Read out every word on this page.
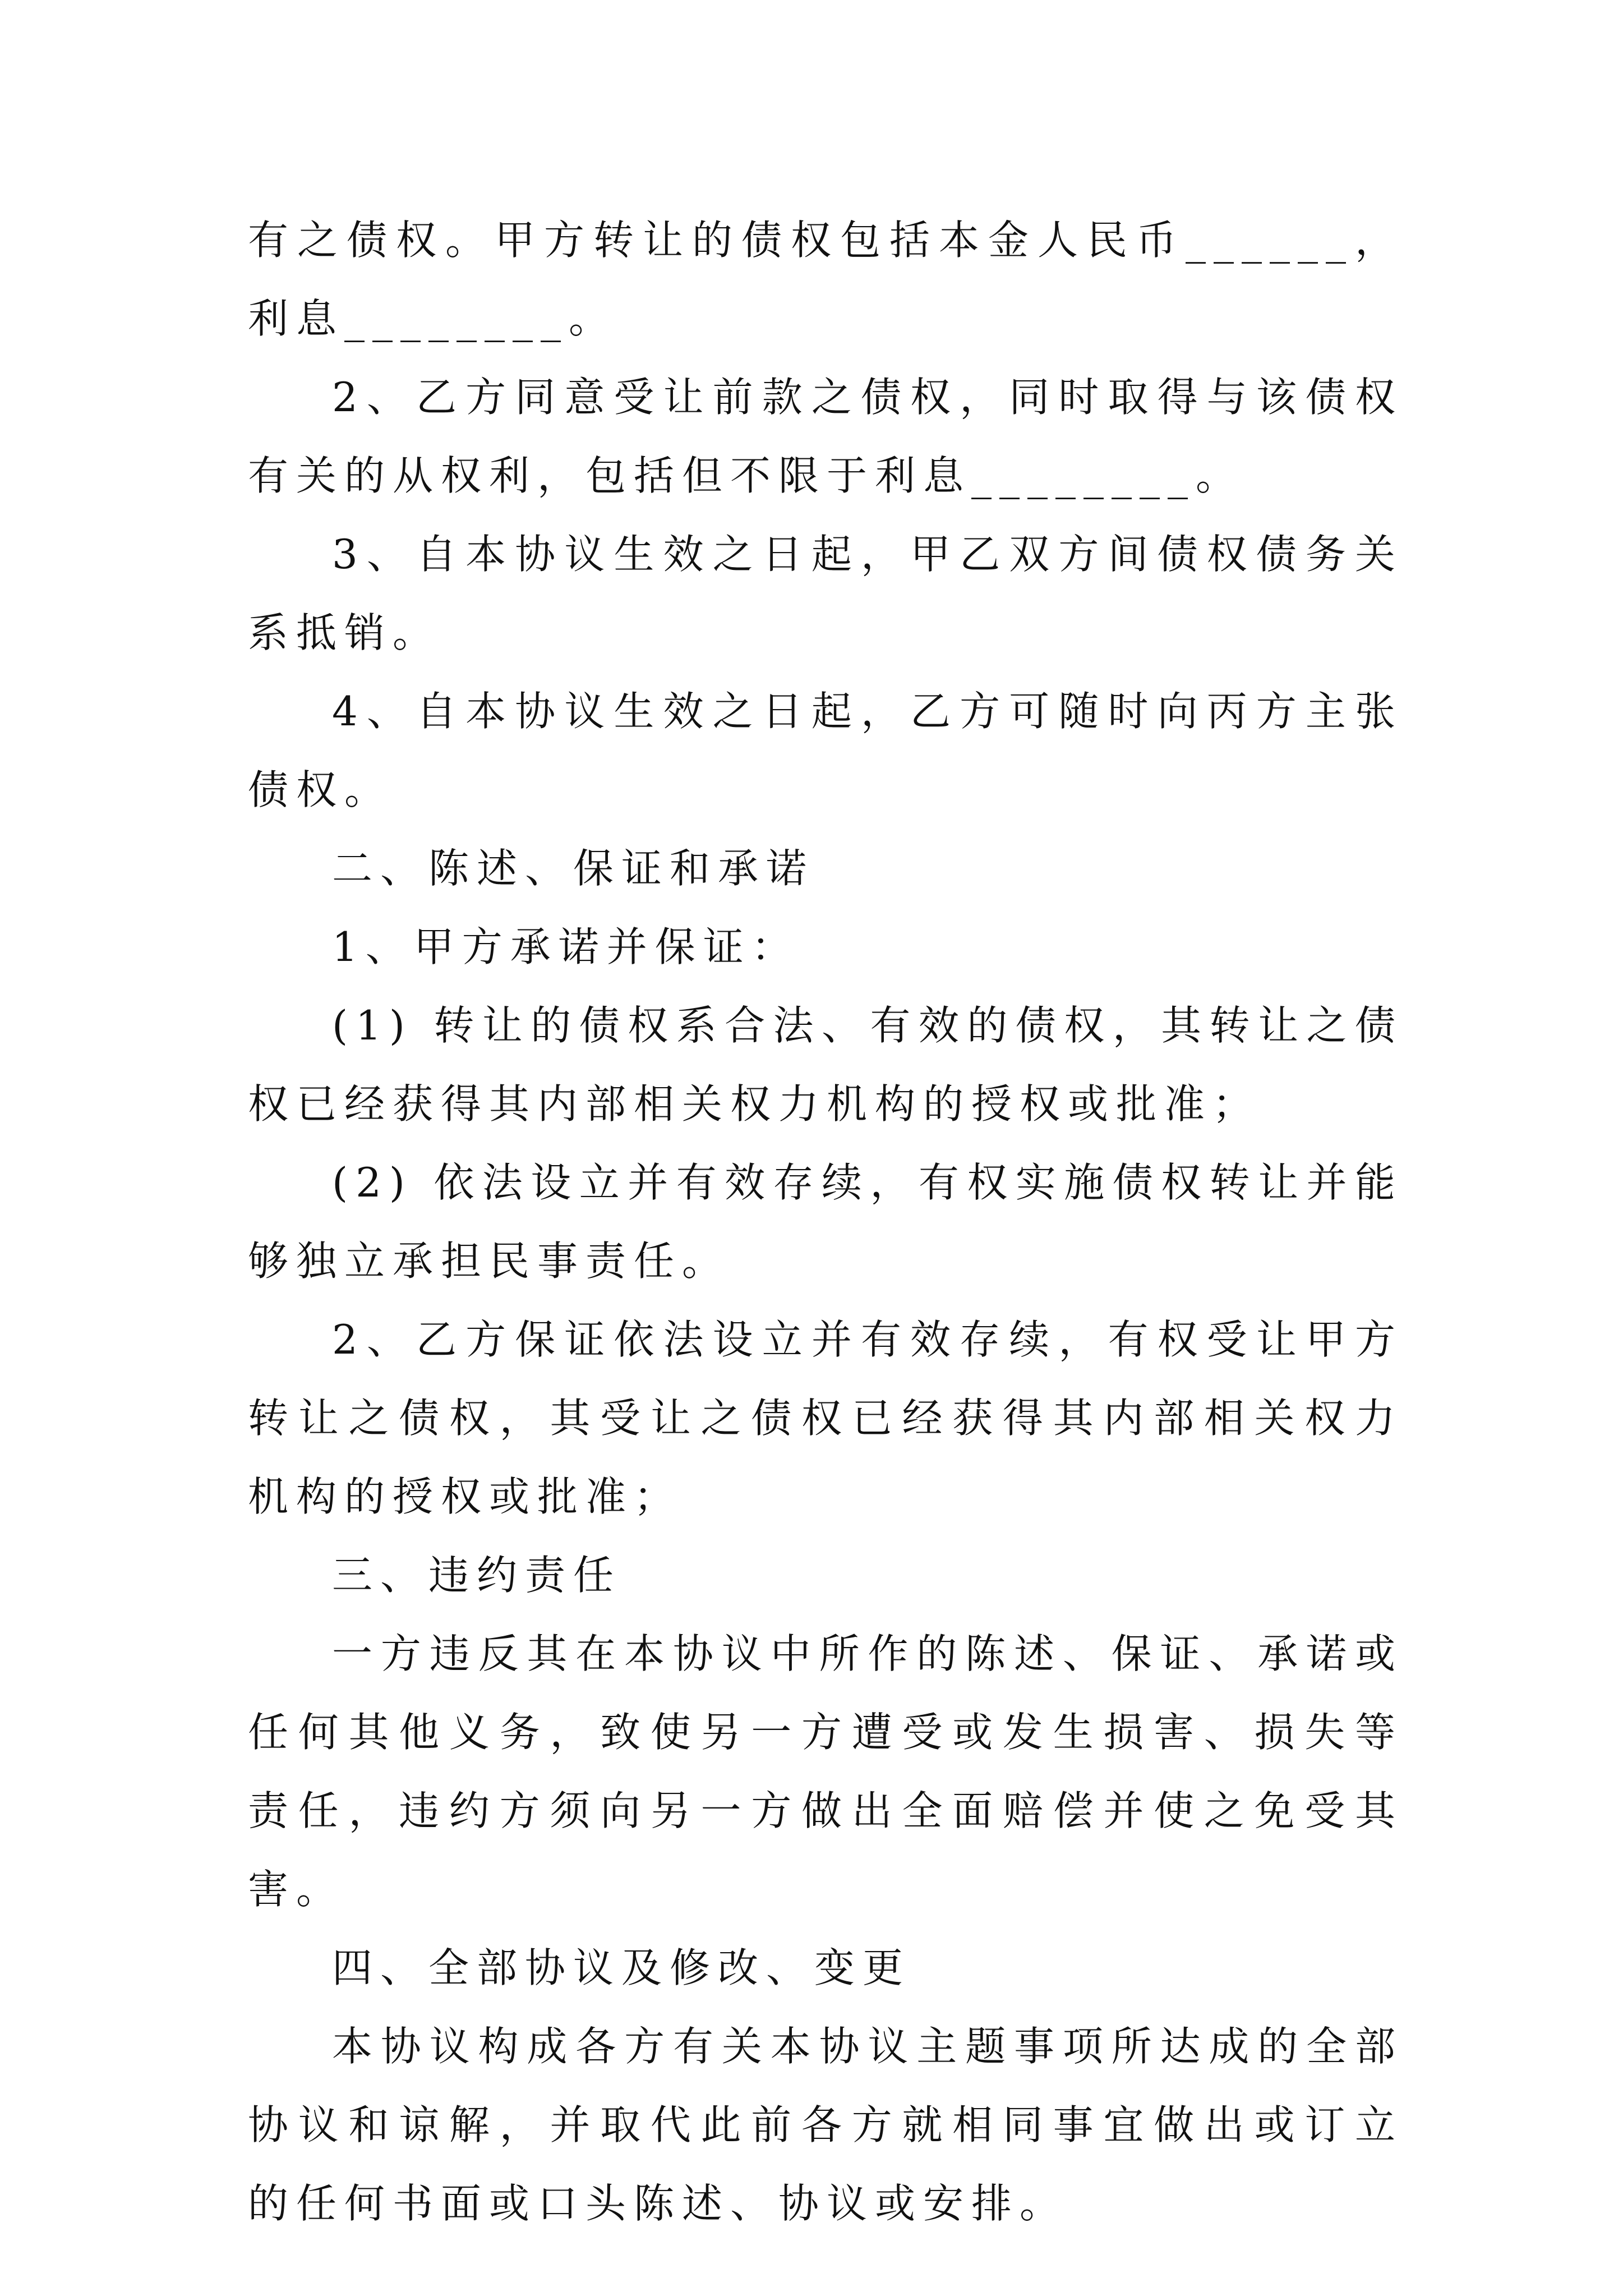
有之债权。甲方转让的债权包括本金人民币______，利息________。

2、乙方同意受让前款之债权，同时取得与该债权有关的从权利，包括但不限于利息________。

3、自本协议生效之日起，甲乙双方间债权债务关系抵销。

4、自本协议生效之日起，乙方可随时向丙方主张债权。

二、陈述、保证和承诺

1、甲方承诺并保证：

(1) 转让的债权系合法、有效的债权，其转让之债权已经获得其内部相关权力机构的授权或批准；

(2) 依法设立并有效存续，有权实施债权转让并能够独立承担民事责任。

2、乙方保证依法设立并有效存续，有权受让甲方转让之债权，其受让之债权已经获得其内部相关权力机构的授权或批准；

三、违约责任

一方违反其在本协议中所作的陈述、保证、承诺或任何其他义务，致使另一方遭受或发生损害、损失等责任，违约方须向另一方做出全面赔偿并使之免受其害。

四、全部协议及修改、变更

本协议构成各方有关本协议主题事项所达成的全部协议和谅解，并取代此前各方就相同事宜做出或订立的任何书面或口头陈述、协议或安排。
